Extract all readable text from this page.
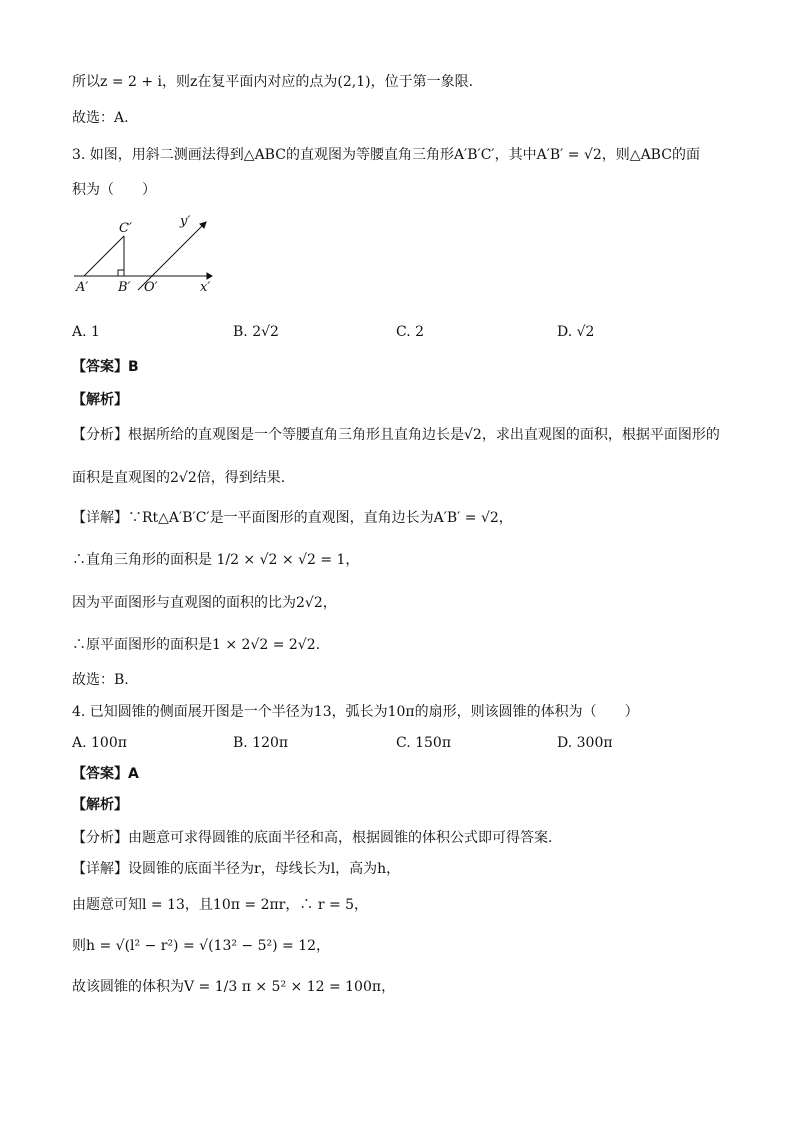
所以z = 2 + i，则z在复平面内对应的点为(2,1)，位于第一象限.
故选：A.
3. 如图，用斜二测画法得到△ABC的直观图为等腰直角三角形A′B′C′，其中A′B′ = √2，则△ABC的面
积为（　　）
A′ B′
C′
O′	x′
y′
A. 1	B. 2√2	C. 2	D. √2
【答案】B
【解析】
【分析】根据所给的直观图是一个等腰直角三角形且直角边长是√2，求出直观图的面积，根据平面图形的
面积是直观图的2√2倍，得到结果.
【详解】∵Rt△A′B′C′是一平面图形的直观图，直角边长为A′B′ = √2，
∴直角三角形的面积是 1/2 × √2 × √2 = 1，
因为平面图形与直观图的面积的比为2√2，
∴原平面图形的面积是1 × 2√2 = 2√2.
故选：B.
4. 已知圆锥的侧面展开图是一个半径为13，弧长为10π的扇形，则该圆锥的体积为（　　）
A. 100π	B. 120π	C. 150π	D. 300π
【答案】A
【解析】
【分析】由题意可求得圆锥的底面半径和高，根据圆锥的体积公式即可得答案.
【详解】设圆锥的底面半径为r，母线长为l，高为h，
由题意可知l = 13，且10π = 2πr，∴ r = 5，
则h = √(l² − r²) = √(13² − 5²) = 12，
故该圆锥的体积为V = 1/3 π × 5² × 12 = 100π，
